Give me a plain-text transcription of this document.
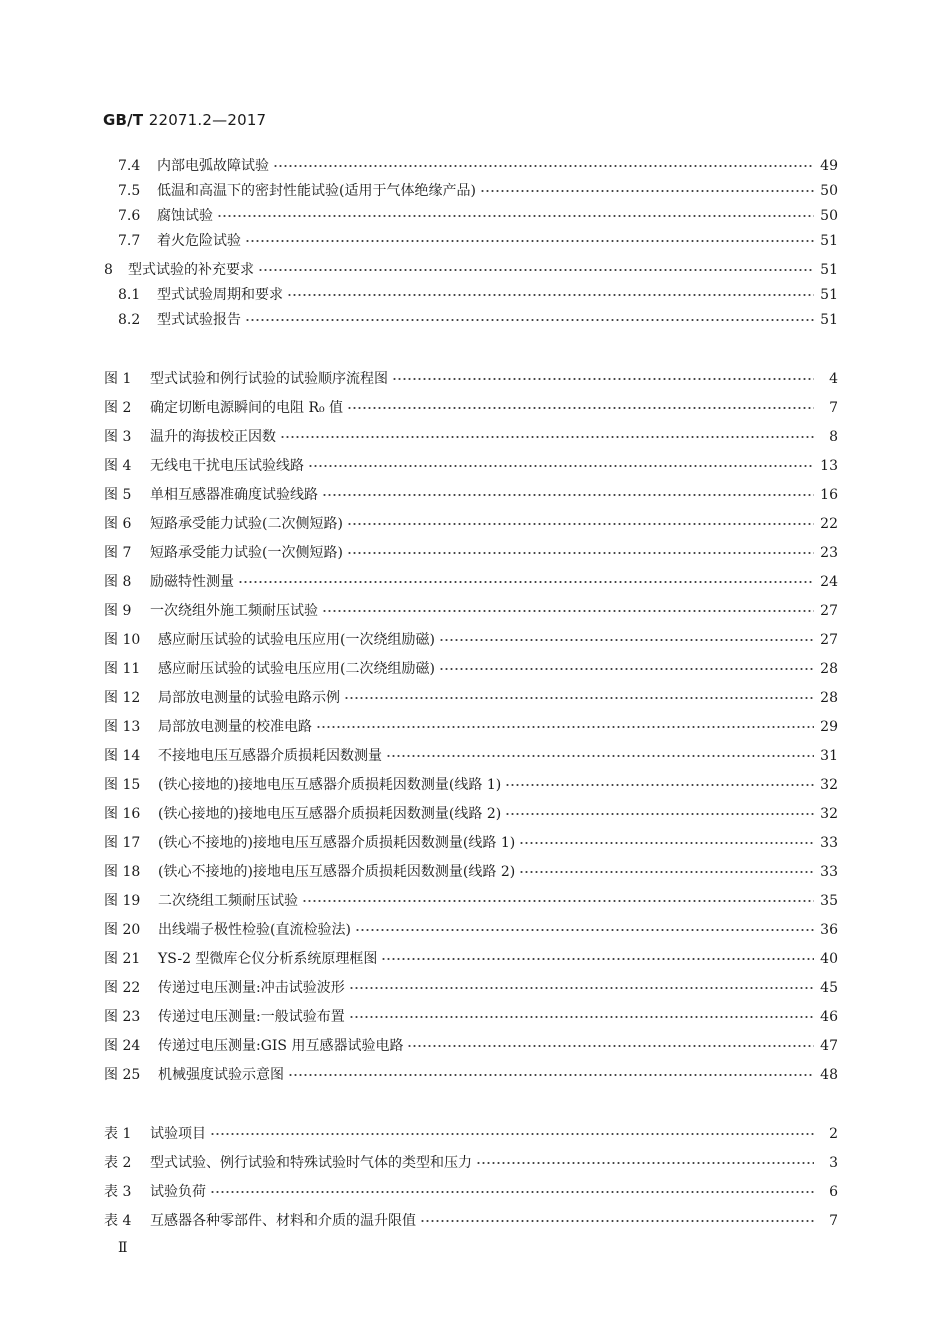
GB/T 22071.2—2017
7.4	内部电弧故障试验	49
7.5	低温和高温下的密封性能试验(适用于气体绝缘产品)	50
7.6	腐蚀试验	50
7.7	着火危险试验	51
8	型式试验的补充要求	51
8.1	型式试验周期和要求	51
8.2	型式试验报告	51
图 1	型式试验和例行试验的试验顺序流程图	4
图 2	确定切断电源瞬间的电阻 R₀ 值	7
图 3	温升的海拔校正因数	8
图 4	无线电干扰电压试验线路	13
图 5	单相互感器准确度试验线路	16
图 6	短路承受能力试验(二次侧短路)	22
图 7	短路承受能力试验(一次侧短路)	23
图 8	励磁特性测量	24
图 9	一次绕组外施工频耐压试验	27
图 10	感应耐压试验的试验电压应用(一次绕组励磁)	27
图 11	感应耐压试验的试验电压应用(二次绕组励磁)	28
图 12	局部放电测量的试验电路示例	28
图 13	局部放电测量的校准电路	29
图 14	不接地电压互感器介质损耗因数测量	31
图 15	(铁心接地的)接地电压互感器介质损耗因数测量(线路 1)	32
图 16	(铁心接地的)接地电压互感器介质损耗因数测量(线路 2)	32
图 17	(铁心不接地的)接地电压互感器介质损耗因数测量(线路 1)	33
图 18	(铁心不接地的)接地电压互感器介质损耗因数测量(线路 2)	33
图 19	二次绕组工频耐压试验	35
图 20	出线端子极性检验(直流检验法)	36
图 21	YS-2 型微库仑仪分析系统原理框图	40
图 22	传递过电压测量:冲击试验波形	45
图 23	传递过电压测量:一般试验布置	46
图 24	传递过电压测量:GIS 用互感器试验电路	47
图 25	机械强度试验示意图	48
表 1	试验项目	2
表 2	型式试验、例行试验和特殊试验时气体的类型和压力	3
表 3	试验负荷	6
表 4	互感器各种零部件、材料和介质的温升限值	7
Ⅱ
